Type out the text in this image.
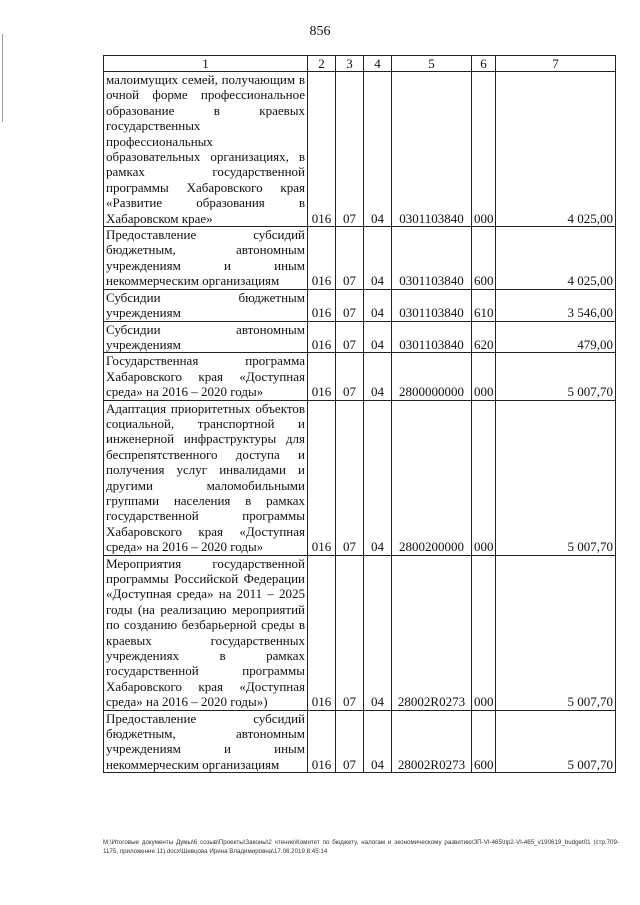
856
1	2	3	4	5	6	7
малоимущих семей, получающим в очной форме профессиональное образование в краевых государственных профессиональных образовательных организациях, в рамках государственной программы Хабаровского края «Развитие образования в Хабаровском крае»	016	07	04	0301103840	000	4 025,00
Предоставление субсидий бюджетным, автономным учреждениям и иным некоммерческим организациям	016	07	04	0301103840	600	4 025,00
Субсидии бюджетным учреждениям	016	07	04	0301103840	610	3 546,00
Субсидии автономным учреждениям	016	07	04	0301103840	620	479,00
Государственная программа Хабаровского края «Доступная среда» на 2016 – 2020 годы»	016	07	04	2800000000	000	5 007,70
Адаптация приоритетных объектов социальной, транспортной и инженерной инфраструктуры для беспрепятственного доступа и получения услуг инвалидами и другими маломобильными группами населения в рамках государственной программы Хабаровского края «Доступная среда» на 2016 – 2020 годы»	016	07	04	2800200000	000	5 007,70
Мероприятия государственной программы Российской Федерации «Доступная среда» на 2011 – 2025 годы (на реализацию мероприятий по созданию безбарьерной среды в краевых государственных учреждениях в рамках государственной программы Хабаровского края «Доступная среда» на 2016 – 2020 годы»)	016	07	04	28002R0273	000	5 007,70
Предоставление субсидий бюджетным, автономным учреждениям и иным некоммерческим организациям	016	07	04	28002R0273	600	5 007,70
M:\Итоговые документы Думы\6 созыв\Проекты\Законы\2 чтение\Комитет по бюджету, налогам и экономическому развитию\ЗП-VI-465\пр2-VI-465_v190619_budget01 (стр.709-1175, приложение 11).docx\Шевцова Ирина Владимировна\17.06.2019 8:45:14
